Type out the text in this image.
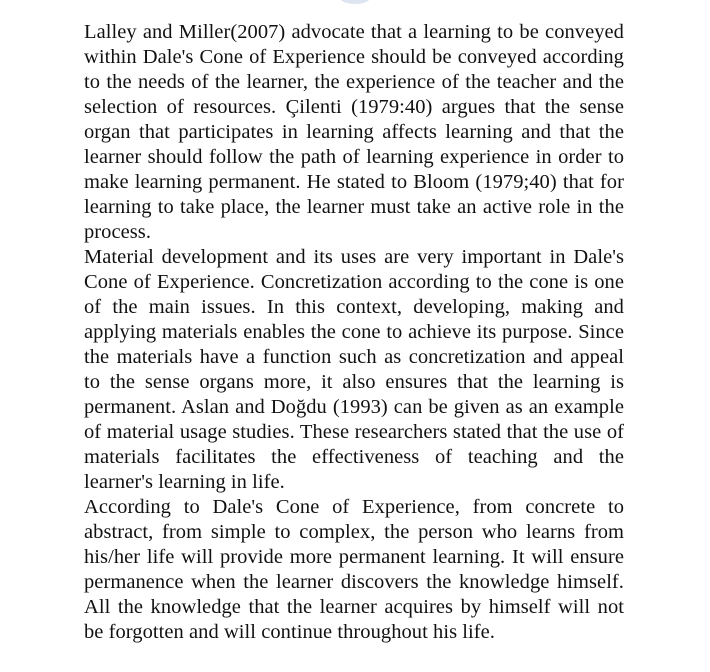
Lalley and Miller(2007) advocate that a learning to be conveyed within Dale's Cone of Experience should be conveyed according to the needs of the learner, the experience of the teacher and the selection of resources. Çilenti (1979:40) argues that the sense organ that participates in learning affects learning and that the learner should follow the path of learning experience in order to make learning permanent. He stated to Bloom (1979;40) that for learning to take place, the learner must take an active role in the process.

Material development and its uses are very important in Dale's Cone of Experience. Concretization according to the cone is one of the main issues. In this context, developing, making and applying materials enables the cone to achieve its purpose. Since the materials have a function such as concretization and appeal to the sense organs more, it also ensures that the learning is permanent. Aslan and Doğdu (1993) can be given as an example of material usage studies. These researchers stated that the use of materials facilitates the effectiveness of teaching and the learner's learning in life.

According to Dale's Cone of Experience, from concrete to abstract, from simple to complex, the person who learns from his/her life will provide more permanent learning. It will ensure permanence when the learner discovers the knowledge himself. All the knowledge that the learner acquires by himself will not be forgotten and will continue throughout his life.
